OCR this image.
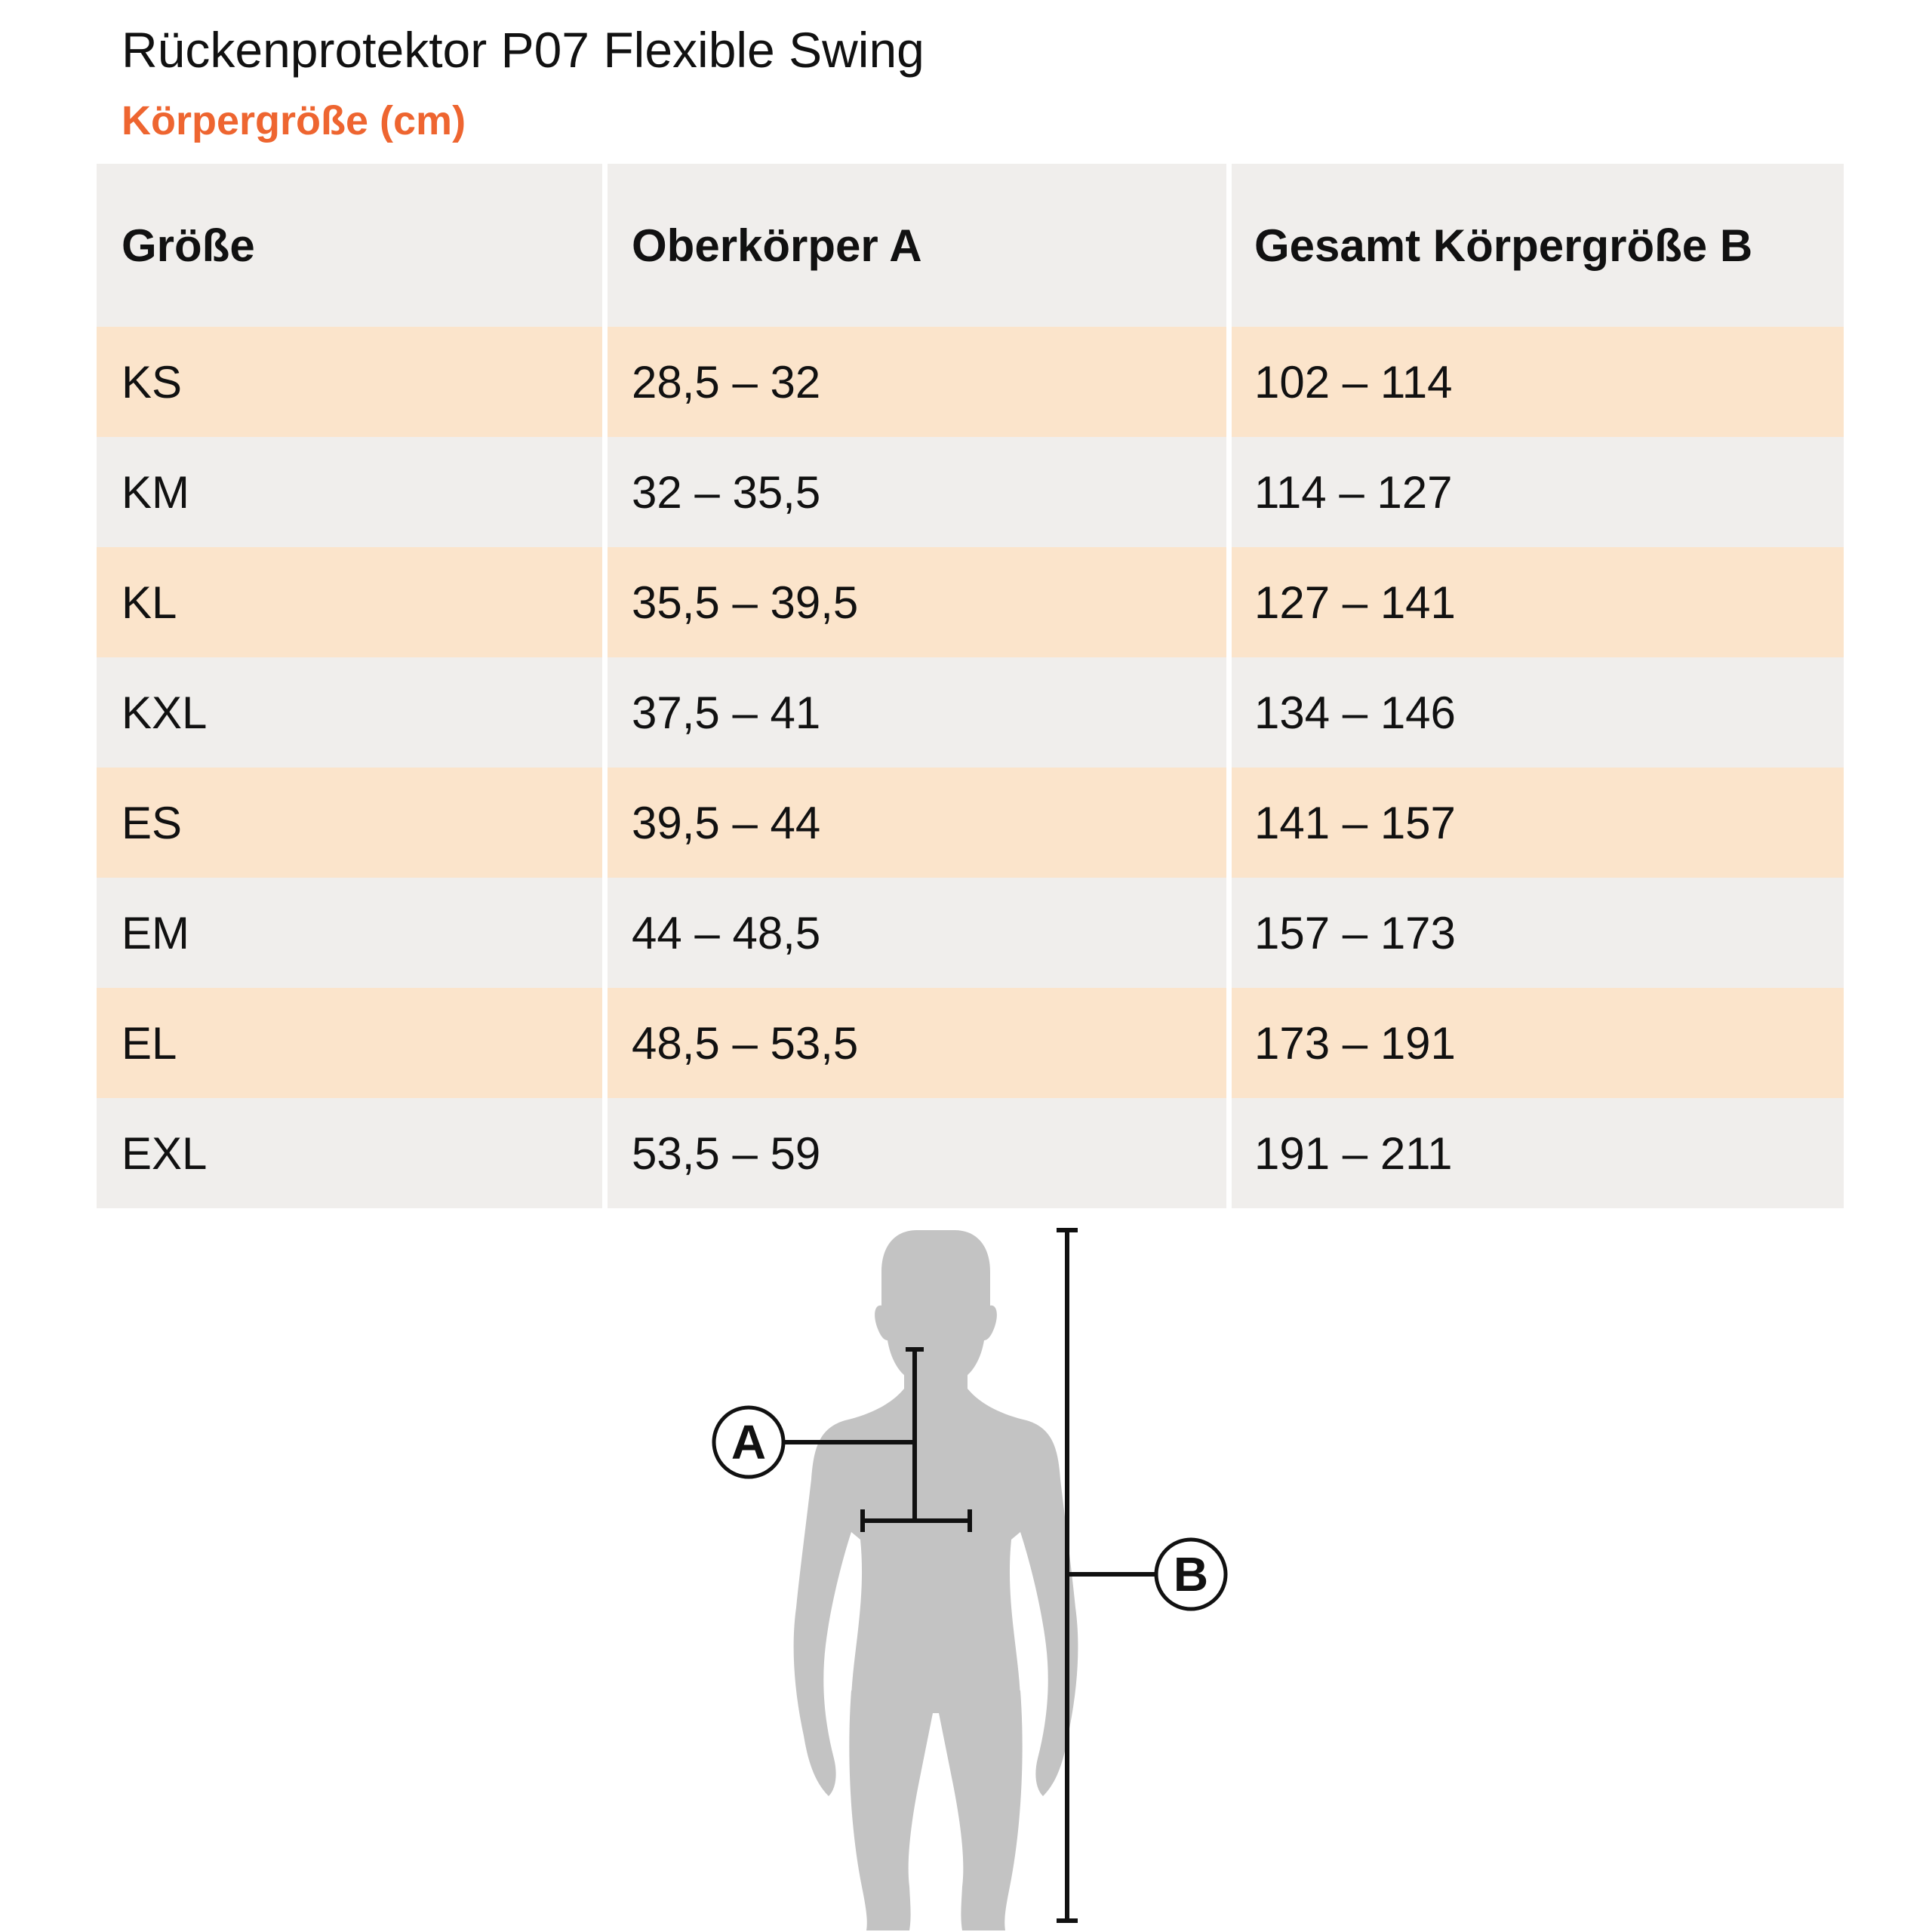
Rückenprotektor P07 Flexible Swing
Körpergröße (cm)
Größe	Oberkörper A	Gesamt Körpergröße B
KS	28,5 – 32	102 – 114
KM	32 – 35,5	114 – 127
KL	35,5 – 39,5	127 – 141
KXL	37,5 – 41	134 – 146
ES	39,5 – 44	141 – 157
EM	44 – 48,5	157 – 173
EL	48,5 – 53,5	173 – 191
EXL	53,5 – 59	191 – 211
A
B
